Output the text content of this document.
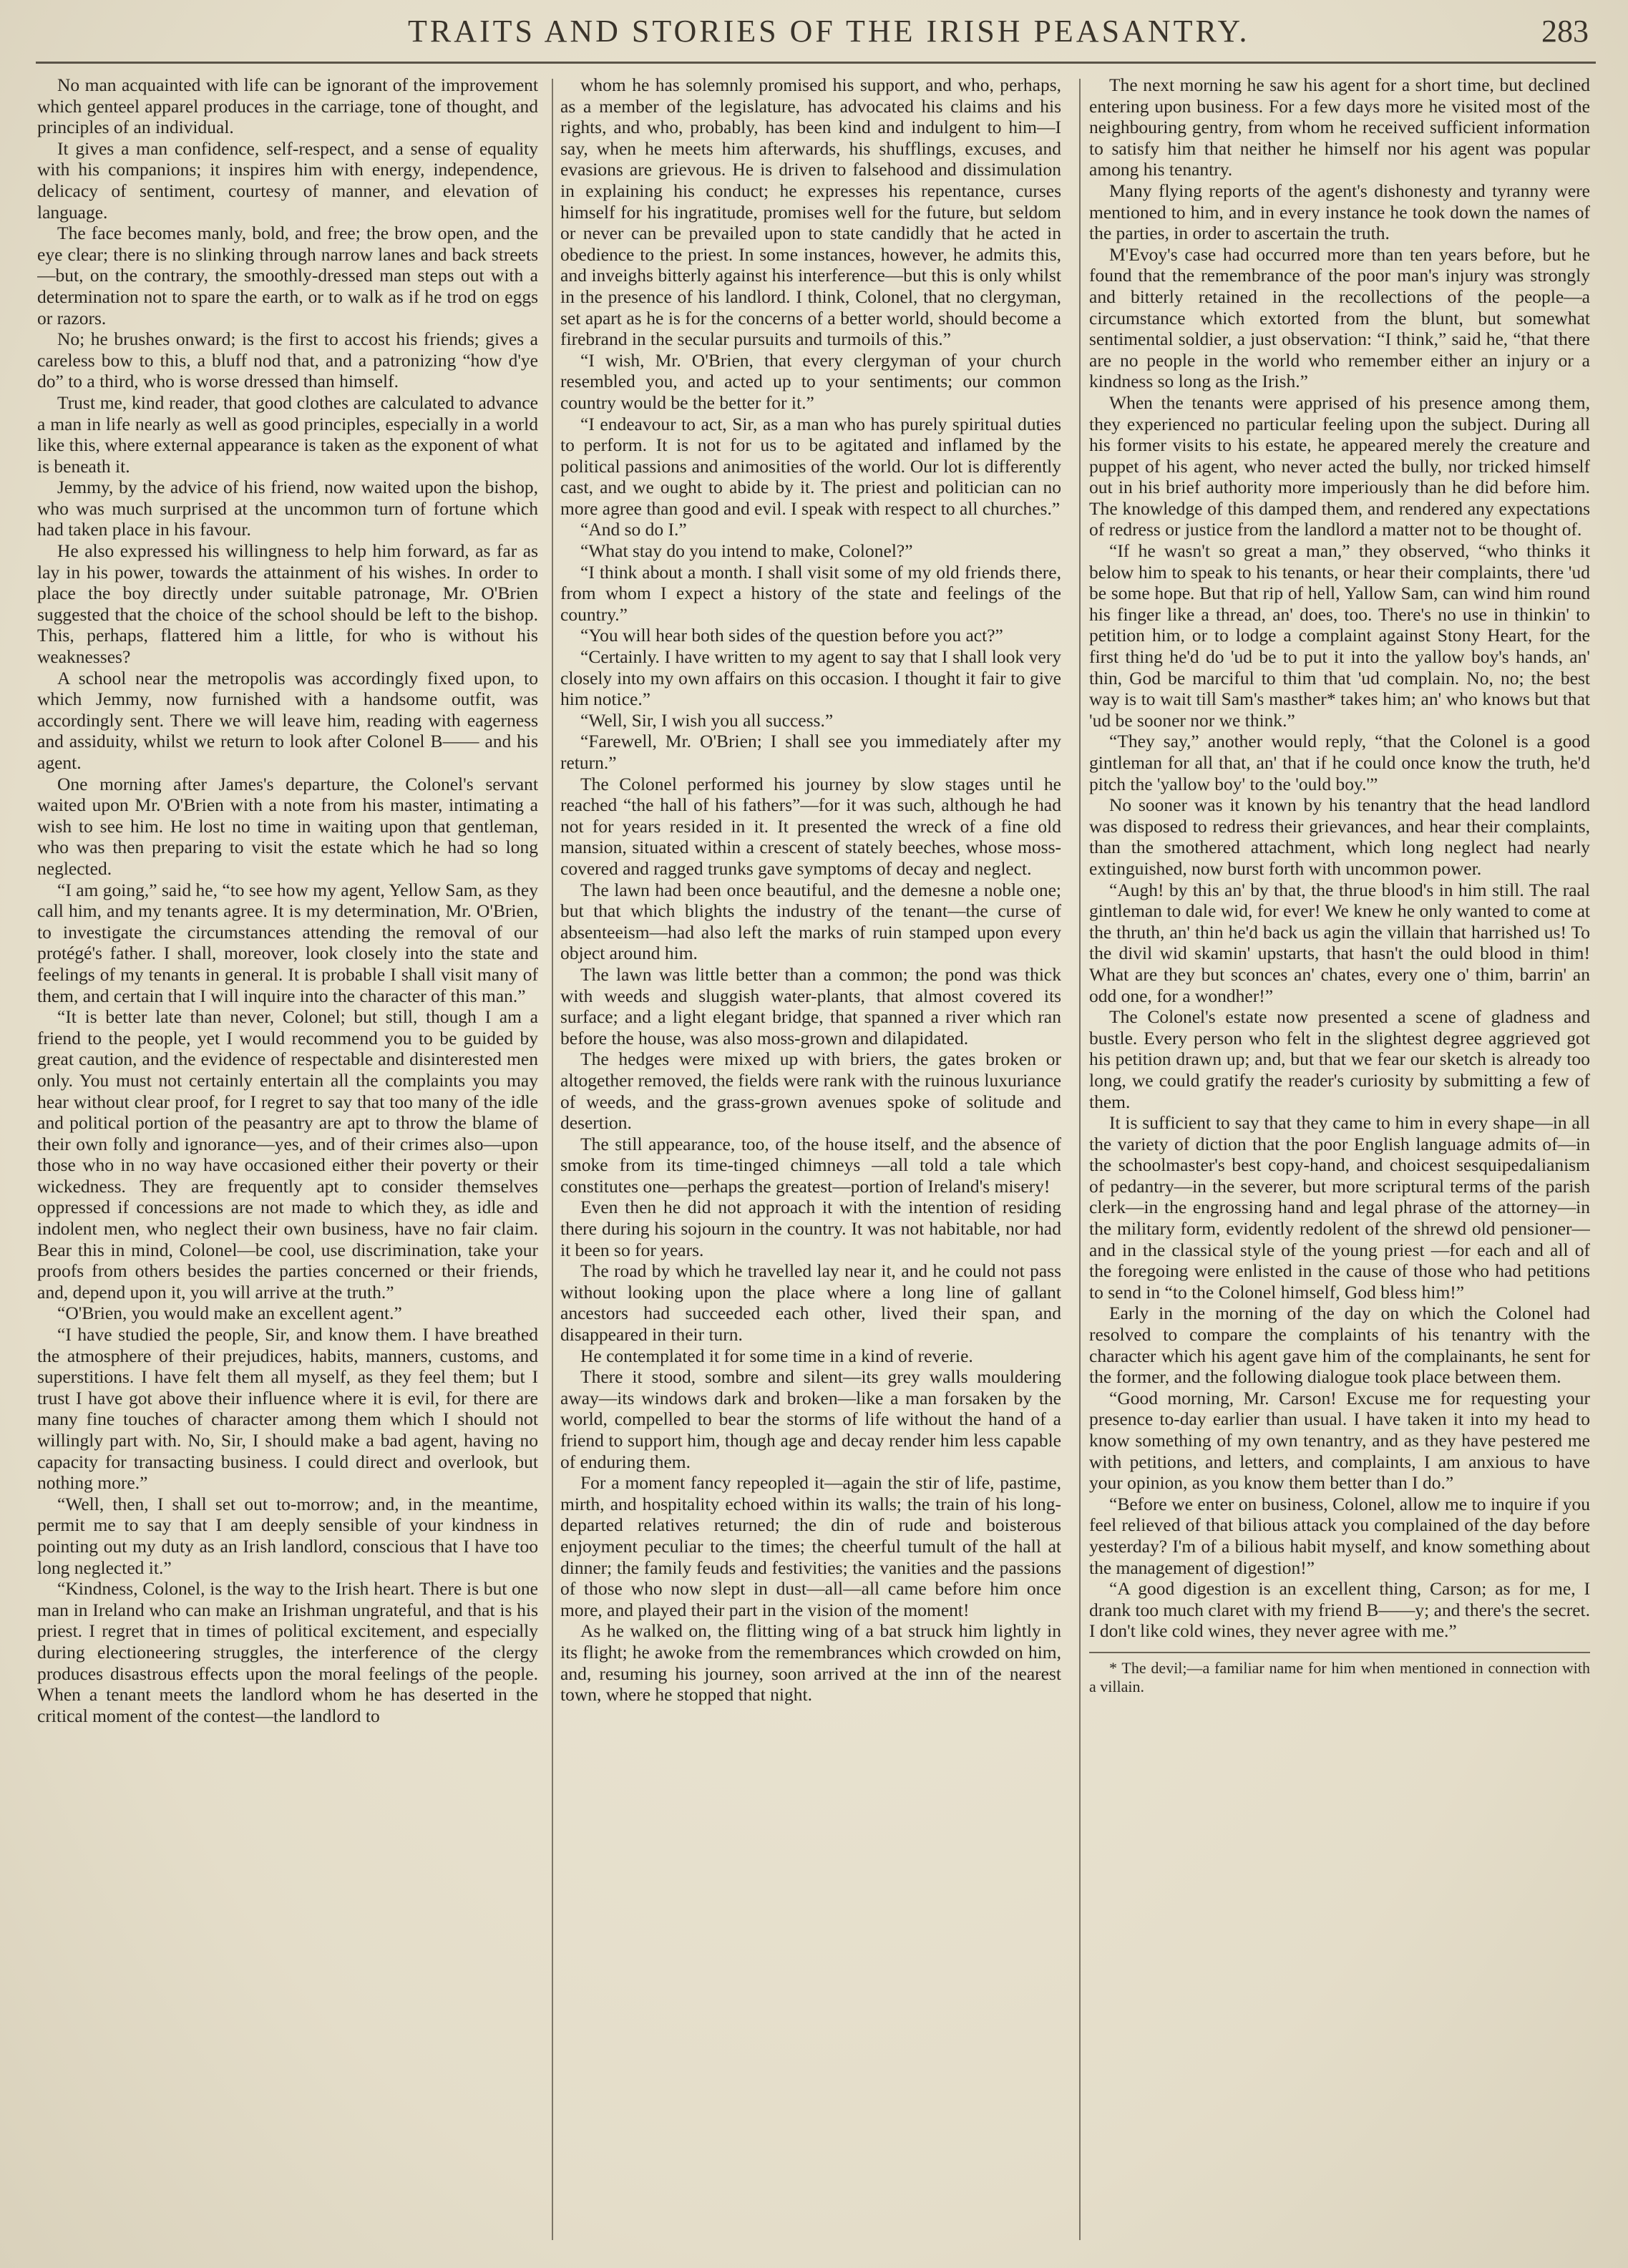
TRAITS AND STORIES OF THE IRISH PEASANTRY.	283

No man acquainted with life can be ignorant of the improvement which genteel apparel produces in the carriage, tone of thought, and principles of an individual.

It gives a man confidence, self-respect, and a sense of equality with his companions; it inspires him with energy, independence, delicacy of sentiment, courtesy of manner, and elevation of language.

The face becomes manly, bold, and free; the brow open, and the eye clear; there is no slinking through narrow lanes and back streets—but, on the contrary, the smoothly-dressed man steps out with a determination not to spare the earth, or to walk as if he trod on eggs or razors.

No; he brushes onward; is the first to accost his friends; gives a careless bow to this, a bluff nod that, and a patronizing “how d'ye do” to a third, who is worse dressed than himself.

Trust me, kind reader, that good clothes are calculated to advance a man in life nearly as well as good principles, especially in a world like this, where external appearance is taken as the exponent of what is beneath it.

Jemmy, by the advice of his friend, now waited upon the bishop, who was much surprised at the uncommon turn of fortune which had taken place in his favour.

He also expressed his willingness to help him forward, as far as lay in his power, towards the attainment of his wishes. In order to place the boy directly under suitable patronage, Mr. O'Brien suggested that the choice of the school should be left to the bishop. This, perhaps, flattered him a little, for who is without his weaknesses?

A school near the metropolis was accordingly fixed upon, to which Jemmy, now furnished with a handsome outfit, was accordingly sent. There we will leave him, reading with eagerness and assiduity, whilst we return to look after Colonel B—— and his agent.

One morning after James's departure, the Colonel's servant waited upon Mr. O'Brien with a note from his master, intimating a wish to see him. He lost no time in waiting upon that gentleman, who was then preparing to visit the estate which he had so long neglected.

“I am going,” said he, “to see how my agent, Yellow Sam, as they call him, and my tenants agree. It is my determination, Mr. O'Brien, to investigate the circumstances attending the removal of our protégé's father. I shall, moreover, look closely into the state and feelings of my tenants in general. It is probable I shall visit many of them, and certain that I will inquire into the character of this man.”

“It is better late than never, Colonel; but still, though I am a friend to the people, yet I would recommend you to be guided by great caution, and the evidence of respectable and disinterested men only. You must not certainly entertain all the complaints you may hear without clear proof, for I regret to say that too many of the idle and political portion of the peasantry are apt to throw the blame of their own folly and ignorance—yes, and of their crimes also—upon those who in no way have occasioned either their poverty or their wickedness. They are frequently apt to consider themselves oppressed if concessions are not made to which they, as idle and indolent men, who neglect their own business, have no fair claim. Bear this in mind, Colonel—be cool, use discrimination, take your proofs from others besides the parties concerned or their friends, and, depend upon it, you will arrive at the truth.”

“O'Brien, you would make an excellent agent.”

“I have studied the people, Sir, and know them. I have breathed the atmosphere of their prejudices, habits, manners, customs, and superstitions. I have felt them all myself, as they feel them; but I trust I have got above their influence where it is evil, for there are many fine touches of character among them which I should not willingly part with. No, Sir, I should make a bad agent, having no capacity for transacting business. I could direct and overlook, but nothing more.”

“Well, then, I shall set out to-morrow; and, in the meantime, permit me to say that I am deeply sensible of your kindness in pointing out my duty as an Irish landlord, conscious that I have too long neglected it.”

“Kindness, Colonel, is the way to the Irish heart. There is but one man in Ireland who can make an Irishman ungrateful, and that is his priest. I regret that in times of political excitement, and especially during electioneering struggles, the interference of the clergy produces disastrous effects upon the moral feelings of the people. When a tenant meets the landlord whom he has deserted in the critical moment of the contest—the landlord to

whom he has solemnly promised his support, and who, perhaps, as a member of the legislature, has advocated his claims and his rights, and who, probably, has been kind and indulgent to him—I say, when he meets him afterwards, his shufflings, excuses, and evasions are grievous. He is driven to falsehood and dissimulation in explaining his conduct; he expresses his repentance, curses himself for his ingratitude, promises well for the future, but seldom or never can be prevailed upon to state candidly that he acted in obedience to the priest. In some instances, however, he admits this, and inveighs bitterly against his interference—but this is only whilst in the presence of his landlord. I think, Colonel, that no clergyman, set apart as he is for the concerns of a better world, should become a firebrand in the secular pursuits and turmoils of this.”

“I wish, Mr. O'Brien, that every clergyman of your church resembled you, and acted up to your sentiments; our common country would be the better for it.”

“I endeavour to act, Sir, as a man who has purely spiritual duties to perform. It is not for us to be agitated and inflamed by the political passions and animosities of the world. Our lot is differently cast, and we ought to abide by it. The priest and politician can no more agree than good and evil. I speak with respect to all churches.”

“And so do I.”

“What stay do you intend to make, Colonel?”

“I think about a month. I shall visit some of my old friends there, from whom I expect a history of the state and feelings of the country.”

“You will hear both sides of the question before you act?”

“Certainly. I have written to my agent to say that I shall look very closely into my own affairs on this occasion. I thought it fair to give him notice.”

“Well, Sir, I wish you all success.”

“Farewell, Mr. O'Brien; I shall see you immediately after my return.”

The Colonel performed his journey by slow stages until he reached “the hall of his fathers”—for it was such, although he had not for years resided in it. It presented the wreck of a fine old mansion, situated within a crescent of stately beeches, whose moss-covered and ragged trunks gave symptoms of decay and neglect.

The lawn had been once beautiful, and the demesne a noble one; but that which blights the industry of the tenant—the curse of absenteeism—had also left the marks of ruin stamped upon every object around him.

The lawn was little better than a common; the pond was thick with weeds and sluggish water-plants, that almost covered its surface; and a light elegant bridge, that spanned a river which ran before the house, was also moss-grown and dilapidated.

The hedges were mixed up with briers, the gates broken or altogether removed, the fields were rank with the ruinous luxuriance of weeds, and the grass-grown avenues spoke of solitude and desertion.

The still appearance, too, of the house itself, and the absence of smoke from its time-tinged chimneys —all told a tale which constitutes one—perhaps the greatest—portion of Ireland's misery!

Even then he did not approach it with the intention of residing there during his sojourn in the country. It was not habitable, nor had it been so for years.

The road by which he travelled lay near it, and he could not pass without looking upon the place where a long line of gallant ancestors had succeeded each other, lived their span, and disappeared in their turn.

He contemplated it for some time in a kind of reverie.

There it stood, sombre and silent—its grey walls mouldering away—its windows dark and broken—like a man forsaken by the world, compelled to bear the storms of life without the hand of a friend to support him, though age and decay render him less capable of enduring them.

For a moment fancy repeopled it—again the stir of life, pastime, mirth, and hospitality echoed within its walls; the train of his long-departed relatives returned; the din of rude and boisterous enjoyment peculiar to the times; the cheerful tumult of the hall at dinner; the family feuds and festivities; the vanities and the passions of those who now slept in dust—all—all came before him once more, and played their part in the vision of the moment!

As he walked on, the flitting wing of a bat struck him lightly in its flight; he awoke from the remembrances which crowded on him, and, resuming his journey, soon arrived at the inn of the nearest town, where he stopped that night.

The next morning he saw his agent for a short time, but declined entering upon business. For a few days more he visited most of the neighbouring gentry, from whom he received sufficient information to satisfy him that neither he himself nor his agent was popular among his tenantry.

Many flying reports of the agent's dishonesty and tyranny were mentioned to him, and in every instance he took down the names of the parties, in order to ascertain the truth.

M'Evoy's case had occurred more than ten years before, but he found that the remembrance of the poor man's injury was strongly and bitterly retained in the recollections of the people—a circumstance which extorted from the blunt, but somewhat sentimental soldier, a just observation: “I think,” said he, “that there are no people in the world who remember either an injury or a kindness so long as the Irish.”

When the tenants were apprised of his presence among them, they experienced no particular feeling upon the subject. During all his former visits to his estate, he appeared merely the creature and puppet of his agent, who never acted the bully, nor tricked himself out in his brief authority more imperiously than he did before him. The knowledge of this damped them, and rendered any expectations of redress or justice from the landlord a matter not to be thought of.

“If he wasn't so great a man,” they observed, “who thinks it below him to speak to his tenants, or hear their complaints, there 'ud be some hope. But that rip of hell, Yallow Sam, can wind him round his finger like a thread, an' does, too. There's no use in thinkin' to petition him, or to lodge a complaint against Stony Heart, for the first thing he'd do 'ud be to put it into the yallow boy's hands, an' thin, God be marciful to thim that 'ud complain. No, no; the best way is to wait till Sam's masther* takes him; an' who knows but that 'ud be sooner nor we think.”

“They say,” another would reply, “that the Colonel is a good gintleman for all that, an' that if he could once know the truth, he'd pitch the 'yallow boy' to the 'ould boy.'”

No sooner was it known by his tenantry that the head landlord was disposed to redress their grievances, and hear their complaints, than the smothered attachment, which long neglect had nearly extinguished, now burst forth with uncommon power.

“Augh! by this an' by that, the thrue blood's in him still. The raal gintleman to dale wid, for ever! We knew he only wanted to come at the thruth, an' thin he'd back us agin the villain that harrished us! To the divil wid skamin' upstarts, that hasn't the ould blood in thim! What are they but sconces an' chates, every one o' thim, barrin' an odd one, for a wondher!”

The Colonel's estate now presented a scene of gladness and bustle. Every person who felt in the slightest degree aggrieved got his petition drawn up; and, but that we fear our sketch is already too long, we could gratify the reader's curiosity by submitting a few of them.

It is sufficient to say that they came to him in every shape—in all the variety of diction that the poor English language admits of—in the schoolmaster's best copy-hand, and choicest sesquipedalianism of pedantry—in the severer, but more scriptural terms of the parish clerk—in the engrossing hand and legal phrase of the attorney—in the military form, evidently redolent of the shrewd old pensioner—and in the classical style of the young priest —for each and all of the foregoing were enlisted in the cause of those who had petitions to send in “to the Colonel himself, God bless him!”

Early in the morning of the day on which the Colonel had resolved to compare the complaints of his tenantry with the character which his agent gave him of the complainants, he sent for the former, and the following dialogue took place between them.

“Good morning, Mr. Carson! Excuse me for requesting your presence to-day earlier than usual. I have taken it into my head to know something of my own tenantry, and as they have pestered me with petitions, and letters, and complaints, I am anxious to have your opinion, as you know them better than I do.”

“Before we enter on business, Colonel, allow me to inquire if you feel relieved of that bilious attack you complained of the day before yesterday? I'm of a bilious habit myself, and know something about the management of digestion!”

“A good digestion is an excellent thing, Carson; as for me, I drank too much claret with my friend B——y; and there's the secret. I don't like cold wines, they never agree with me.”

* The devil;—a familiar name for him when mentioned in connection with a villain.
